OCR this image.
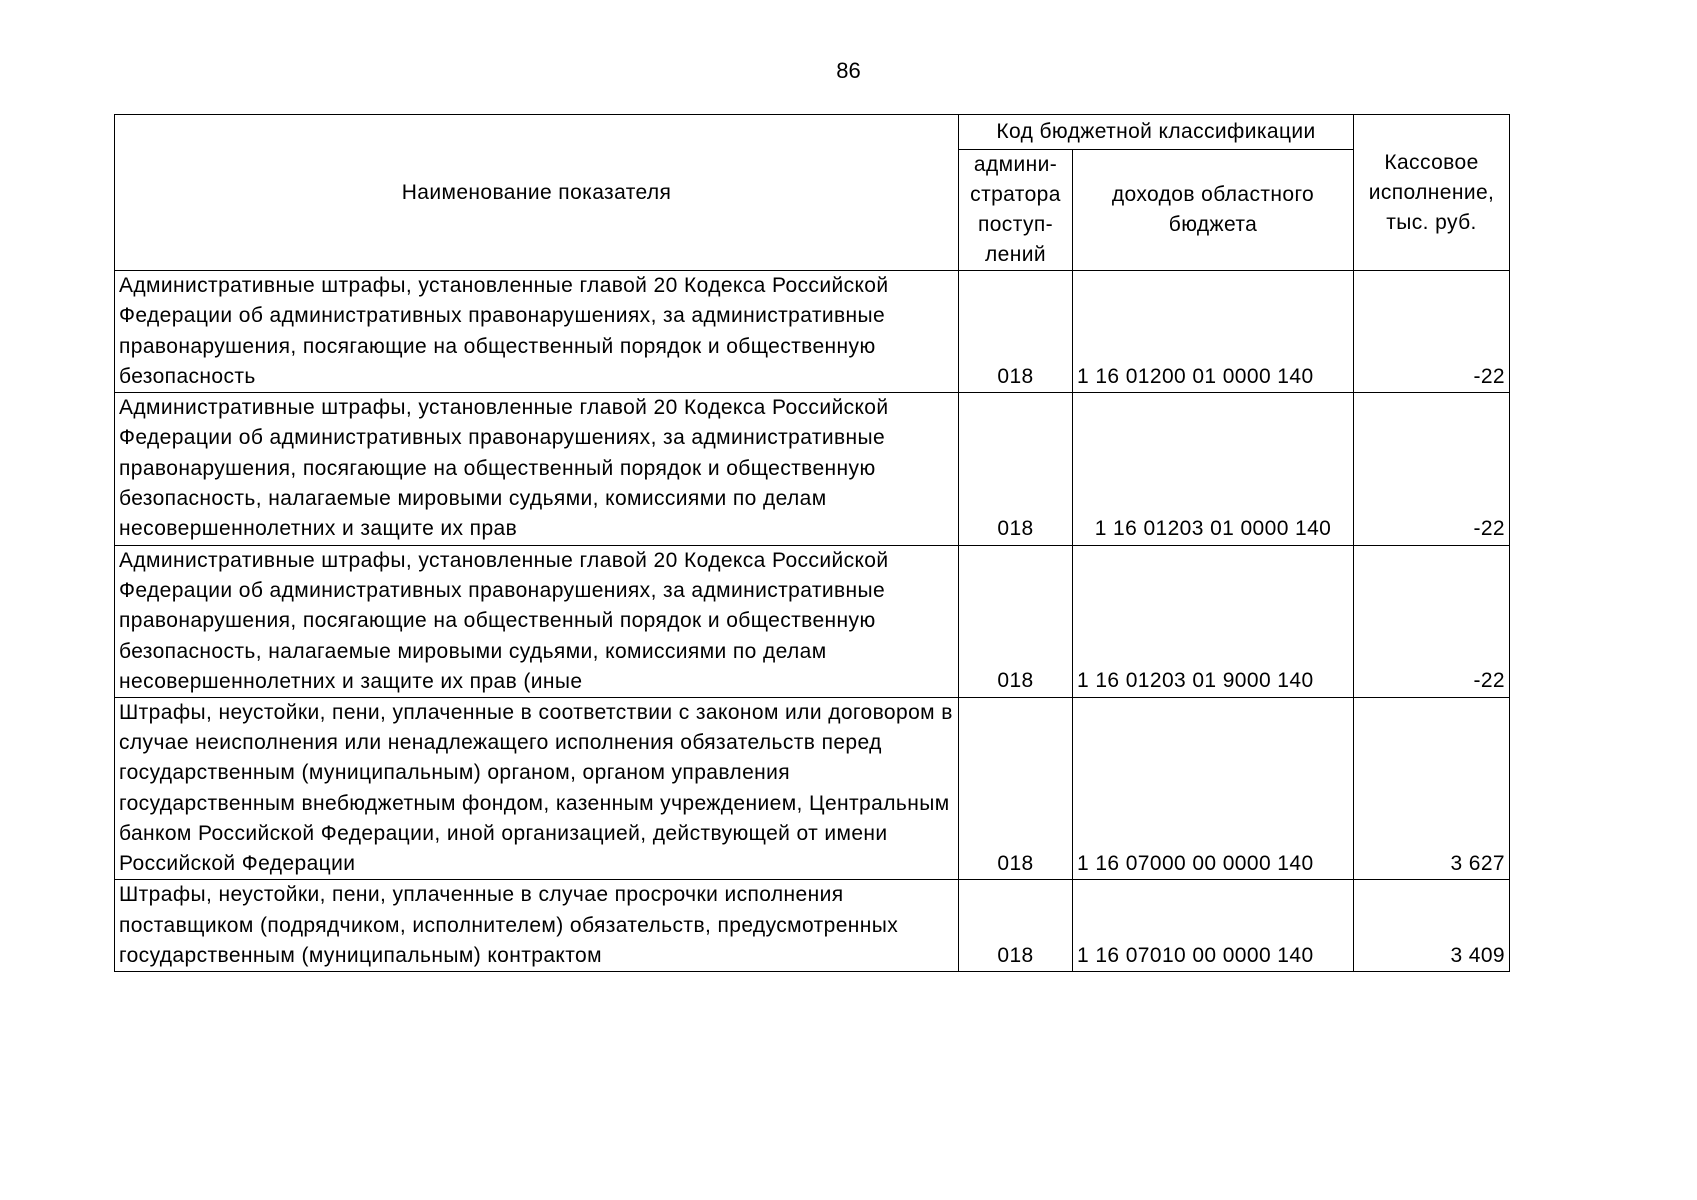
86
Наименование показателя	Код бюджетной классификации		Кассовое исполнение, тыс. руб.
	админи-стратора поступ-лений	доходов областного бюджета	
Административные штрафы, установленные главой 20 Кодекса Российской Федерации об административных правонарушениях, за административные правонарушения, посягающие на общественный порядок и общественную безопасность	018	1 16 01200 01 0000 140	-22
Административные штрафы, установленные главой 20 Кодекса Российской Федерации об административных правонарушениях, за административные правонарушения, посягающие на общественный порядок и общественную безопасность, налагаемые мировыми судьями, комиссиями по делам несовершеннолетних и защите их прав	018	1 16 01203 01 0000 140	-22

Административные штрафы, установленные главой 20 Кодекса Российской Федерации об административных правонарушениях, за административные правонарушения, посягающие на общественный порядок и общественную безопасность, налагаемые мировыми судьями, комиссиями по делам несовершеннолетних и защите их прав (иные	018	1 16 01203 01 9000 140	-22
Штрафы, неустойки, пени, уплаченные в соответствии с законом или договором в случае неисполнения или ненадлежащего исполнения обязательств перед государственным (муниципальным) органом, органом управления государственным внебюджетным фондом, казенным учреждением, Центральным банком Российской Федерации, иной организацией, действующей от имени Российской Федерации	018	1 16 07000 00 0000 140	3 627
Штрафы, неустойки, пени, уплаченные в случае просрочки исполнения поставщиком (подрядчиком, исполнителем) обязательств, предусмотренных государственным (муниципальным) контрактом	018	1 16 07010 00 0000 140	3 409
